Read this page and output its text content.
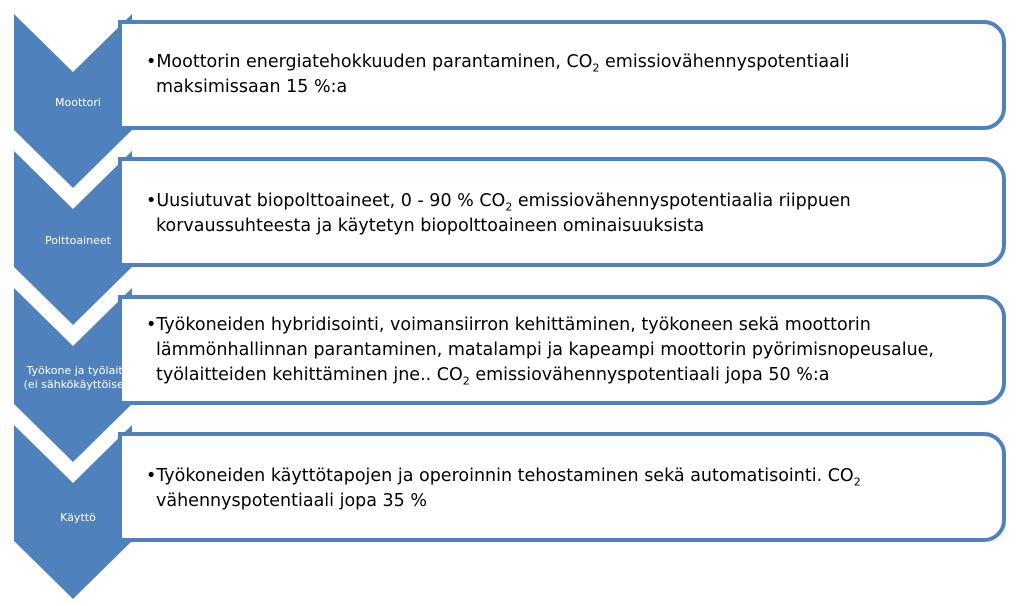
•Moottorin energiatehokkuuden parantaminen, $CO_2$ emissiovähennyspotentiaali maksimissaan 15 %:a

•Uusiutuvat biopolttoaineet, 0 - 90 % $CO_2$ emissiovähennyspotentiaalia riippuen korvaussuhteesta ja käytetyn biopolttoaineen ominaisuuksista

•Työkoneiden hybridisointi, voimansiirron kehittäminen, työkoneen sekä moottorin lämmönhallinnan parantaminen, matalampi ja kapeampi moottorin pyörimisnopeusalue, työlaitteiden kehittäminen jne.. $CO_2$ emissiovähennyspotentiaali jopa 50 %:a

•Työkoneiden käyttötapojen ja operoinnin tehostaminen sekä automatisointi. $CO_2$ vähennyspotentiaali jopa 35 %

Moottori
Polttoaineet
Työkone ja työlaite
(ei sähkökäyttöiset)
Käyttö
